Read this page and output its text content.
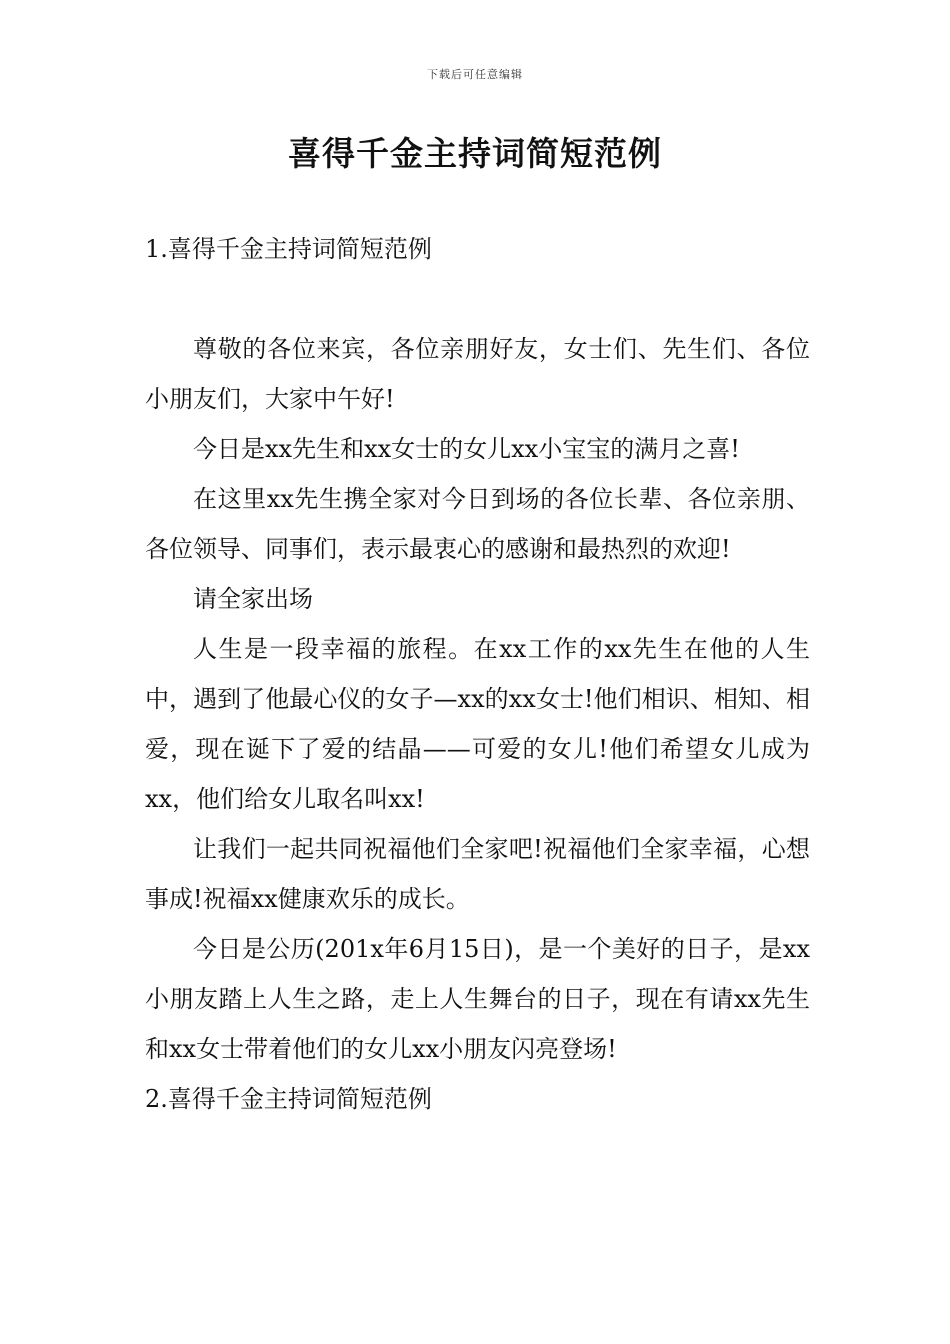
下载后可任意编辑
喜得千金主持词简短范例
1.喜得千金主持词简短范例

尊敬的各位来宾，各位亲朋好友，女士们、先生们、各位小朋友们，大家中午好!

今日是xx先生和xx女士的女儿xx小宝宝的满月之喜!

在这里xx先生携全家对今日到场的各位长辈、各位亲朋、各位领导、同事们，表示最衷心的感谢和最热烈的欢迎!

请全家出场

人生是一段幸福的旅程。在xx工作的xx先生在他的人生中，遇到了他最心仪的女子—xx的xx女士!他们相识、相知、相爱，现在诞下了爱的结晶——可爱的女儿!他们希望女儿成为xx，他们给女儿取名叫xx!

让我们一起共同祝福他们全家吧!祝福他们全家幸福，心想事成!祝福xx健康欢乐的成长。

今日是公历(201x年6月15日)，是一个美好的日子，是xx小朋友踏上人生之路，走上人生舞台的日子，现在有请xx先生和xx女士带着他们的女儿xx小朋友闪亮登场!

2.喜得千金主持词简短范例
